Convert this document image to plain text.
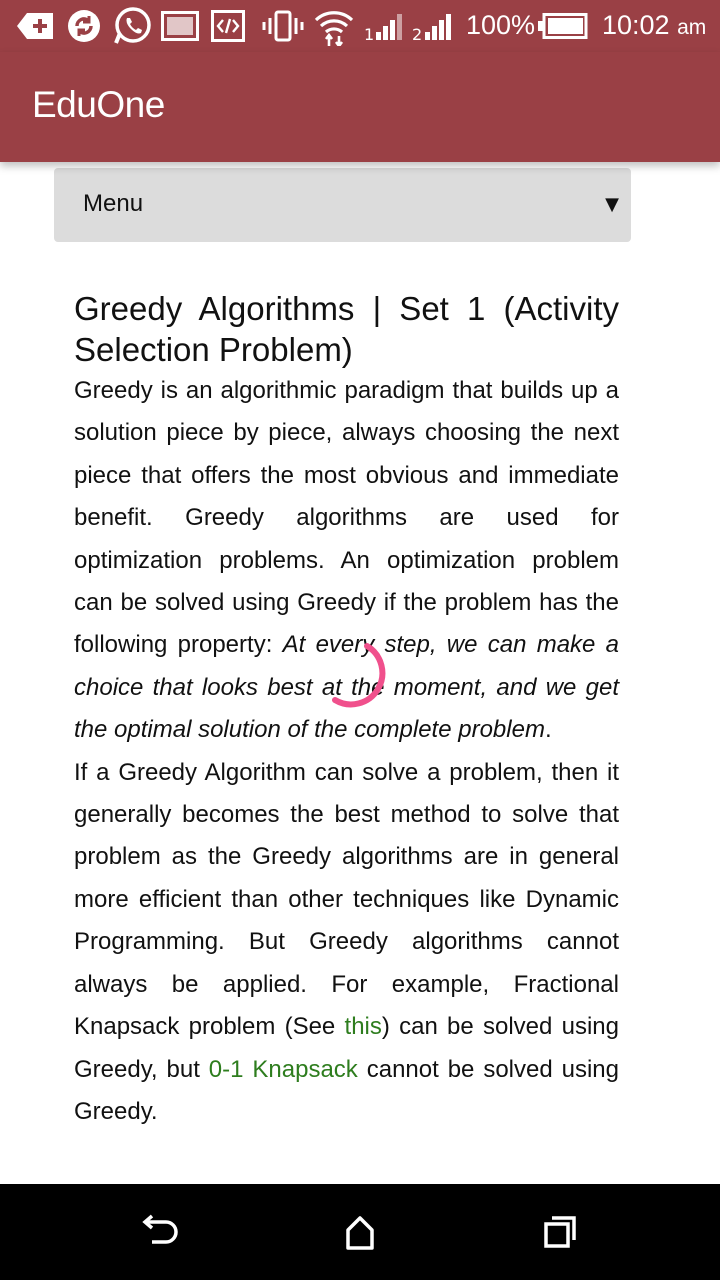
1 2 100% 10:02 am
EduOne
Menu	▼
Greedy Algorithms | Set 1 (Activity Selection Problem)

Greedy is an algorithmic paradigm that builds up a solution piece by piece, always choosing the next piece that offers the most obvious and immediate benefit. Greedy algorithms are used for optimization problems. An optimization problem can be solved using Greedy if the problem has the following property: At every step, we can make a choice that looks best at the moment, and we get the optimal solution of the complete problem.

If a Greedy Algorithm can solve a problem, then it generally becomes the best method to solve that problem as the Greedy algorithms are in general more efficient than other techniques like Dynamic Programming. But Greedy algorithms cannot always be applied. For example, Fractional Knapsack problem (See this) can be solved using Greedy, but 0-1 Knapsack cannot be solved using Greedy.
